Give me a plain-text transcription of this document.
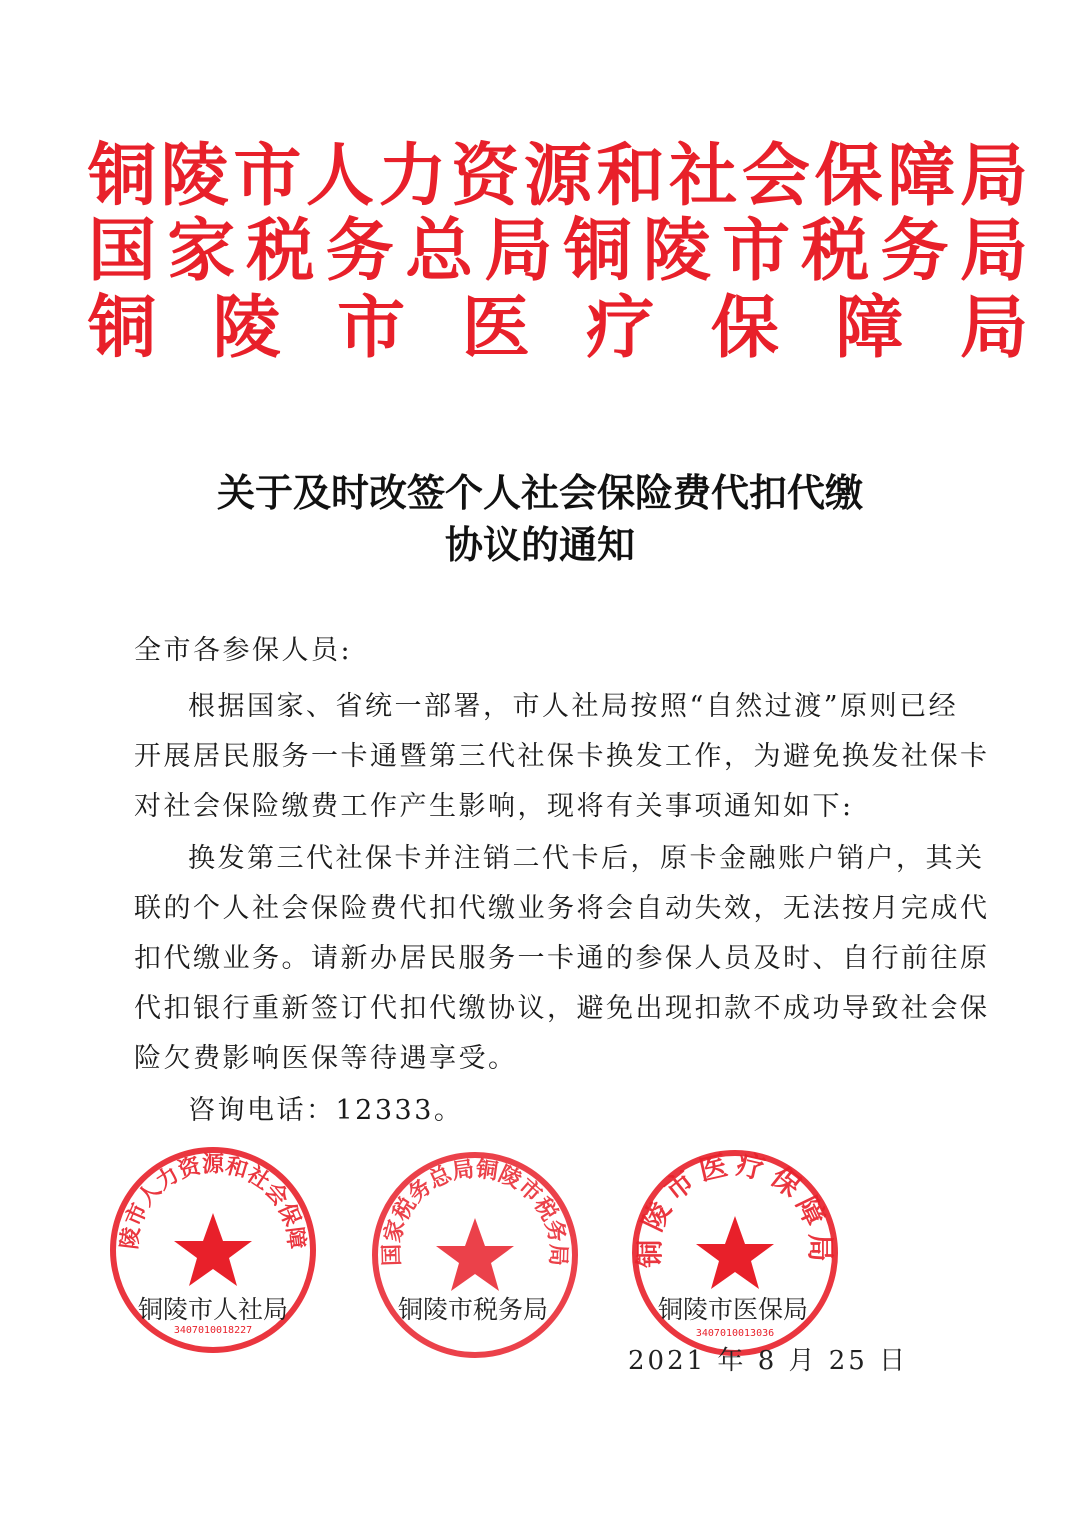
铜 陵 市 人 力 资 源 和 社 会 保 障 局
国 家 税 务 总 局 铜 陵 市 税 务 局
铜 陵 市 医 疗 保 障 局
关于及时改签个人社会保险费代扣代缴
协议的通知
全市各参保人员:
根据国家、省统一部署，市人社局按照“自然过渡”原则已经
开展居民服务一卡通暨第三代社保卡换发工作，为避免换发社保卡
对社会保险缴费工作产生影响，现将有关事项通知如下:
换发第三代社保卡并注销二代卡后，原卡金融账户销户，其关
联的个人社会保险费代扣代缴业务将会自动失效，无法按月完成代
扣代缴业务。请新办居民服务一卡通的参保人员及时、自行前往原
代扣银行重新签订代扣代缴协议，避免出现扣款不成功导致社会保
险欠费影响医保等待遇享受。
咨询电话：12333。
铜陵市人力资源和社会保障局
3407010018227
铜陵市人社局
国家税务总局铜陵市税务局
铜陵市税务局
铜陵市医疗保障局
3407010013036
铜陵市医保局
2021 年 8 月 25 日
